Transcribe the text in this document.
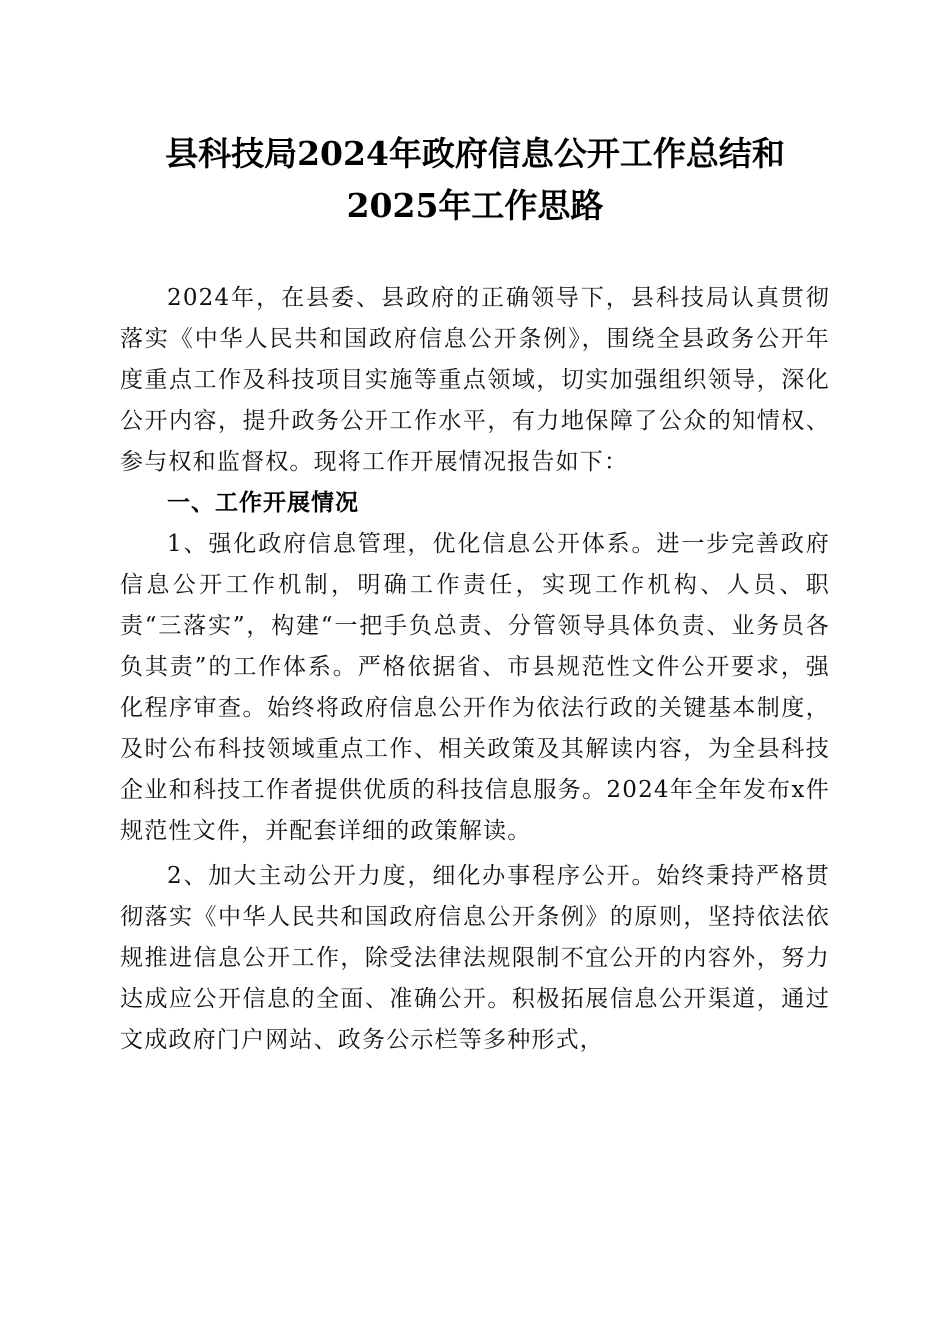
县科技局2024年政府信息公开工作总结和
2025年工作思路

2024年，在县委、县政府的正确领导下，县科技局认真贯彻落实《中华人民共和国政府信息公开条例》，围绕全县政务公开年度重点工作及科技项目实施等重点领域，切实加强组织领导，深化公开内容，提升政务公开工作水平，有力地保障了公众的知情权、参与权和监督权。现将工作开展情况报告如下：

一、工作开展情况

1、强化政府信息管理，优化信息公开体系。进一步完善政府信息公开工作机制，明确工作责任，实现工作机构、人员、职责“三落实”，构建“一把手负总责、分管领导具体负责、业务员各负其责”的工作体系。严格依据省、市县规范性文件公开要求，强化程序审查。始终将政府信息公开作为依法行政的关键基本制度，及时公布科技领域重点工作、相关政策及其解读内容，为全县科技企业和科技工作者提供优质的科技信息服务。2024年全年发布x件规范性文件，并配套详细的政策解读。

2、加大主动公开力度，细化办事程序公开。始终秉持严格贯彻落实《中华人民共和国政府信息公开条例》的原则，坚持依法依规推进信息公开工作，除受法律法规限制不宜公开的内容外，努力达成应公开信息的全面、准确公开。积极拓展信息公开渠道，通过文成政府门户网站、政务公示栏等多种形式，
